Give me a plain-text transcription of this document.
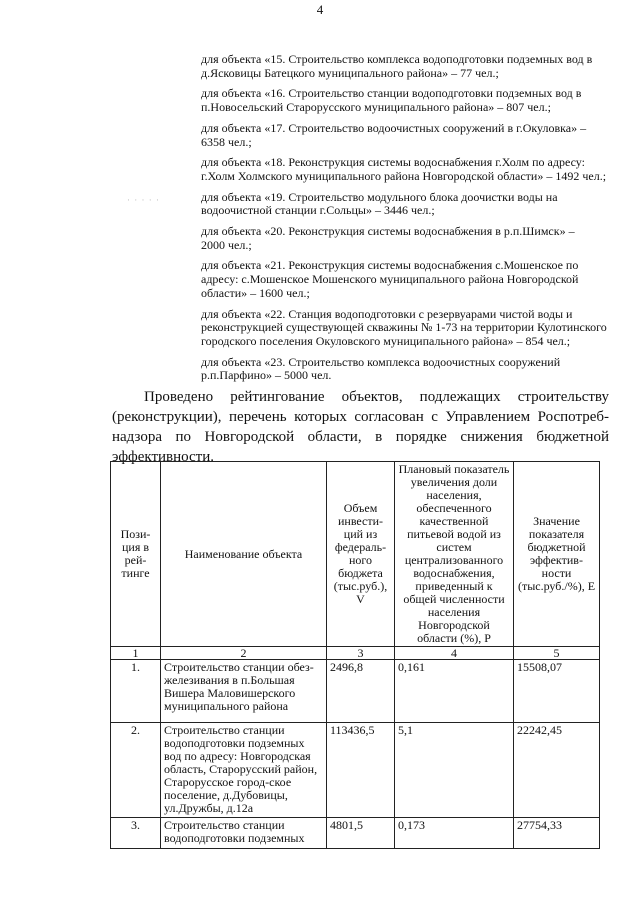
4
· · · · ·
для объекта «15. Строительство комплекса водоподготовки подземных вод в д.Ясковицы Батецкого муниципального района» – 77 чел.;
для объекта «16. Строительство станции водоподготовки подземных вод в п.Новосельский Старорусского муниципального района» – 807 чел.;
для объекта «17. Строительство водоочистных сооружений в г.Окуловка» – 6358 чел.;
для объекта «18. Реконструкция системы водоснабжения г.Холм по адресу: г.Холм Холмского муниципального района Новгородской области» – 1492 чел.;
для объекта «19. Строительство модульного блока доочистки воды на водоочистной станции г.Сольцы» – 3446 чел.;
для объекта «20. Реконструкция системы водоснабжения в р.п.Шимск» – 2000 чел.;
для объекта «21. Реконструкция системы водоснабжения с.Мошенское по адресу: с.Мошенское Мошенского муниципального района Новгородской области» – 1600 чел.;
для объекта «22. Станция водоподготовки с резервуарами чистой воды и реконструкцией существующей скважины № 1-73 на территории Кулотинского городского поселения Окуловского муниципального района» – 854 чел.;
для объекта «23. Строительство комплекса водоочистных сооружений р.п.Парфино» – 5000 чел.
Проведено рейтингование объектов, подлежащих строительству (реконструкции), перечень которых согласован с Управлением Роспотреб-надзора по Новгородской области, в порядке снижения бюджетной эффективности.
Пози-ция в рей-тинге	Наименование объекта	Объем инвести-ций из федераль-ного бюджета (тыс.руб.), V	Плановый показатель увеличения доли населения, обеспеченного качественной питьевой водой из систем централизованного водоснабжения, приведенный к общей численности населения Новгородской области (%), P	Значение показателя бюджетной эффектив-ности (тыс.руб./%), E
1	2	3	4	5
1.	Строительство станции обез-железивания в п.Большая Вишера Маловишерского муниципального района	2496,8	0,161	15508,07
2.	Строительство станции водоподготовки подземных вод по адресу: Новгородская область, Старорусский район, Старорусское город-ское поселение, д.Дубовицы, ул.Дружбы, д.12а	113436,5	5,1	22242,45
3.	Строительство станции водоподготовки подземных	4801,5	0,173	27754,33
